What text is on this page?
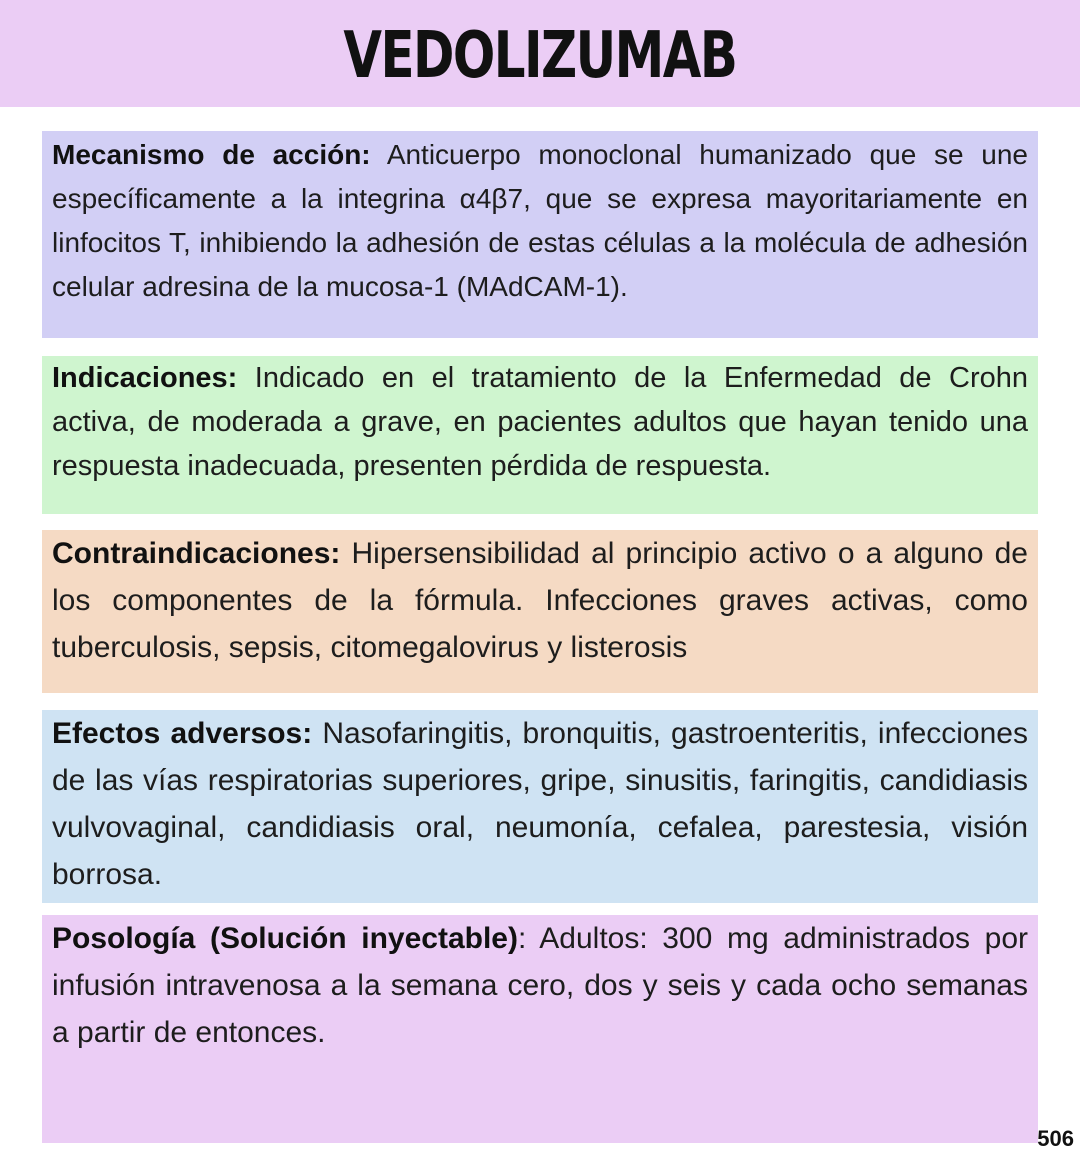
VEDOLIZUMAB
Mecanismo de acción: Anticuerpo monoclonal humanizado que se une específicamente a la integrina α4β7, que se expresa mayoritariamente en linfocitos T, inhibiendo la adhesión de estas células a la molécula de adhesión celular adresina de la mucosa-1 (MAdCAM-1).
Indicaciones: Indicado en el tratamiento de la Enfermedad de Crohn activa, de moderada a grave, en pacientes adultos que hayan tenido una respuesta inadecuada, presenten pérdida de respuesta.
Contraindicaciones: Hipersensibilidad al principio activo o a alguno de los componentes de la fórmula. Infecciones graves activas, como tuberculosis, sepsis, citomegalovirus y listerosis
Efectos adversos: Nasofaringitis, bronquitis, gastroenteritis, infecciones de las vías respiratorias superiores, gripe, sinusitis, faringitis, candidiasis vulvovaginal, candidiasis oral, neumonía, cefalea, parestesia, visión borrosa.
Posología (Solución inyectable): Adultos: 300 mg administrados por infusión intravenosa a la semana cero, dos y seis y cada ocho semanas a partir de entonces.
506
